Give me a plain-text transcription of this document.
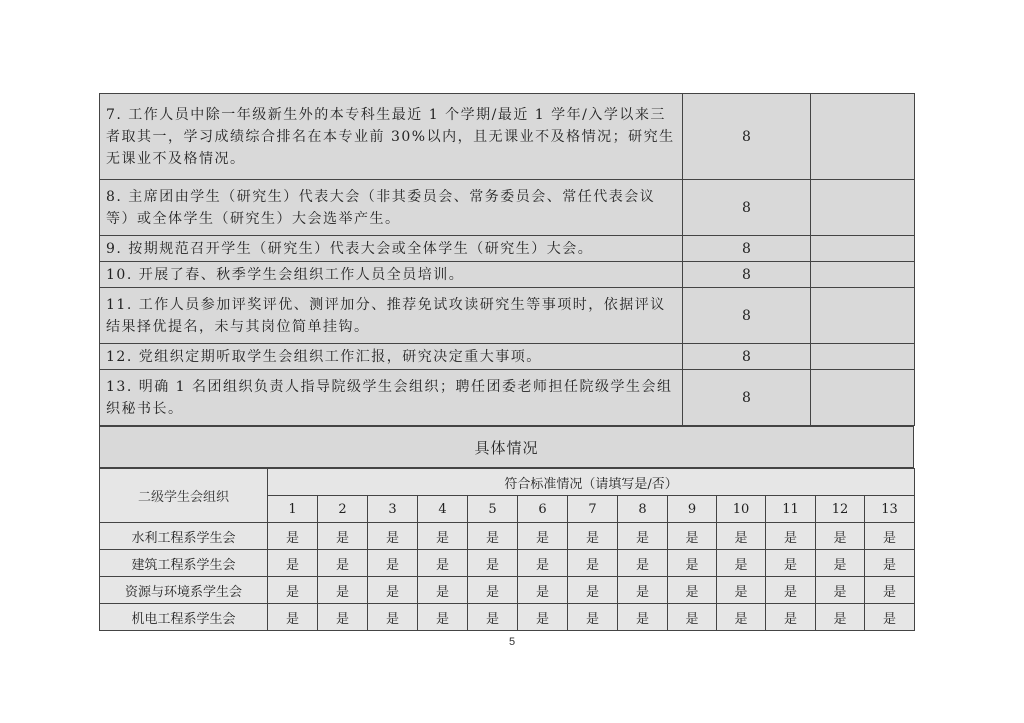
7. 工作人员中除一年级新生外的本专科生最近 1 个学期/最近 1 学年/入学以来三者取其一，学习成绩综合排名在本专业前 30%以内，且无课业不及格情况；研究生无课业不及格情况。	8	
8. 主席团由学生（研究生）代表大会（非其委员会、常务委员会、常任代表会议等）或全体学生（研究生）大会选举产生。	8	
9. 按期规范召开学生（研究生）代表大会或全体学生（研究生）大会。	8	
10. 开展了春、秋季学生会组织工作人员全员培训。	8	
11. 工作人员参加评奖评优、测评加分、推荐免试攻读研究生等事项时，依据评议结果择优提名，未与其岗位简单挂钩。	8	
12. 党组织定期听取学生会组织工作汇报，研究决定重大事项。	8	
13. 明确 1 名团组织负责人指导院级学生会组织；聘任团委老师担任院级学生会组织秘书长。	8	
具体情况
二级学生会组织	符合标准情况（请填写是/否）												
	1	2	3	4	5	6	7	8	9	10	11	12	13
水利工程系学生会	是	是	是	是	是	是	是	是	是	是	是	是	是
建筑工程系学生会	是	是	是	是	是	是	是	是	是	是	是	是	是
资源与环境系学生会	是	是	是	是	是	是	是	是	是	是	是	是	是
机电工程系学生会	是	是	是	是	是	是	是	是	是	是	是	是	是
5
